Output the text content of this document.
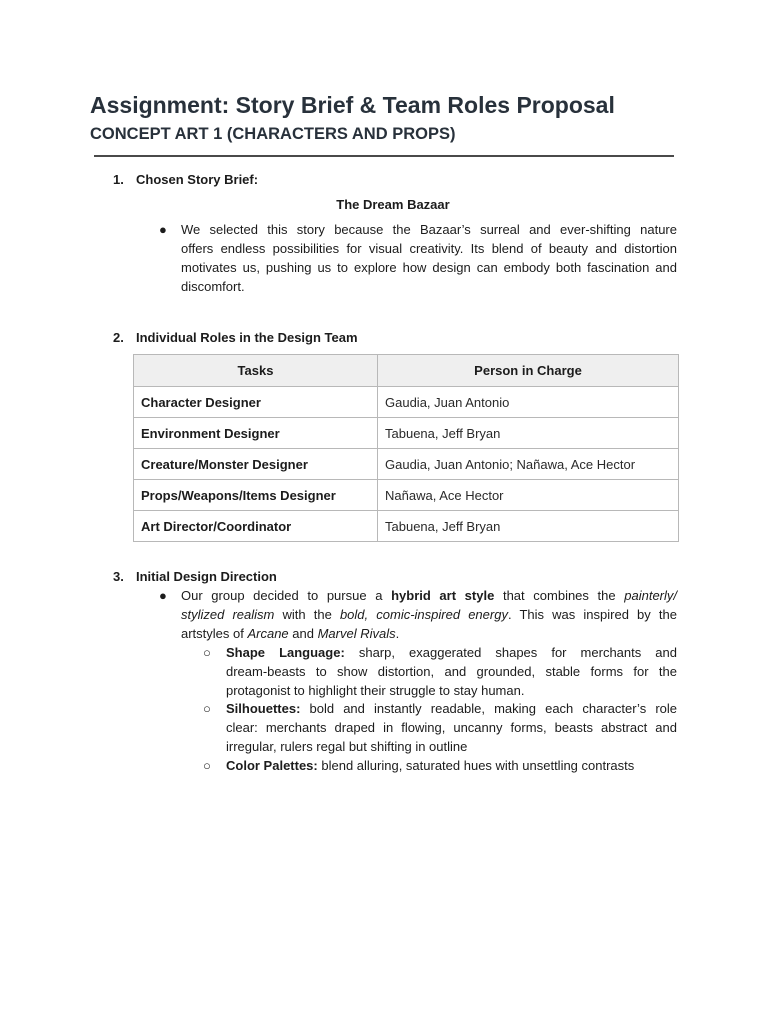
Assignment: Story Brief & Team Roles Proposal
CONCEPT ART 1 (CHARACTERS AND PROPS)
1. Chosen Story Brief:
The Dream Bazaar
● We selected this story because the Bazaar’s surreal and ever-shifting nature
offers endless possibilities for visual creativity. Its blend of beauty and distortion
motivates us, pushing us to explore how design can embody both fascination and
discomfort.
2. Individual Roles in the Design Team
Tasks	Person in Charge
Character Designer	Gaudia, Juan Antonio
Environment Designer	Tabuena, Jeff Bryan
Creature/Monster Designer	Gaudia, Juan Antonio; Nañawa, Ace Hector
Props/Weapons/Items Designer	Nañawa, Ace Hector
Art Director/Coordinator	Tabuena, Jeff Bryan
3. Initial Design Direction
● Our group decided to pursue a hybrid art style that combines the painterly/
stylized realism with the bold, comic-inspired energy. This was inspired by the
artstyles of Arcane and Marvel Rivals.
○ Shape Language: sharp, exaggerated shapes for merchants and
dream-beasts to show distortion, and grounded, stable forms for the
protagonist to highlight their struggle to stay human.
○ Silhouettes: bold and instantly readable, making each character’s role
clear: merchants draped in flowing, uncanny forms, beasts abstract and
irregular, rulers regal but shifting in outline
○ Color Palettes: blend alluring, saturated hues with unsettling contrasts
